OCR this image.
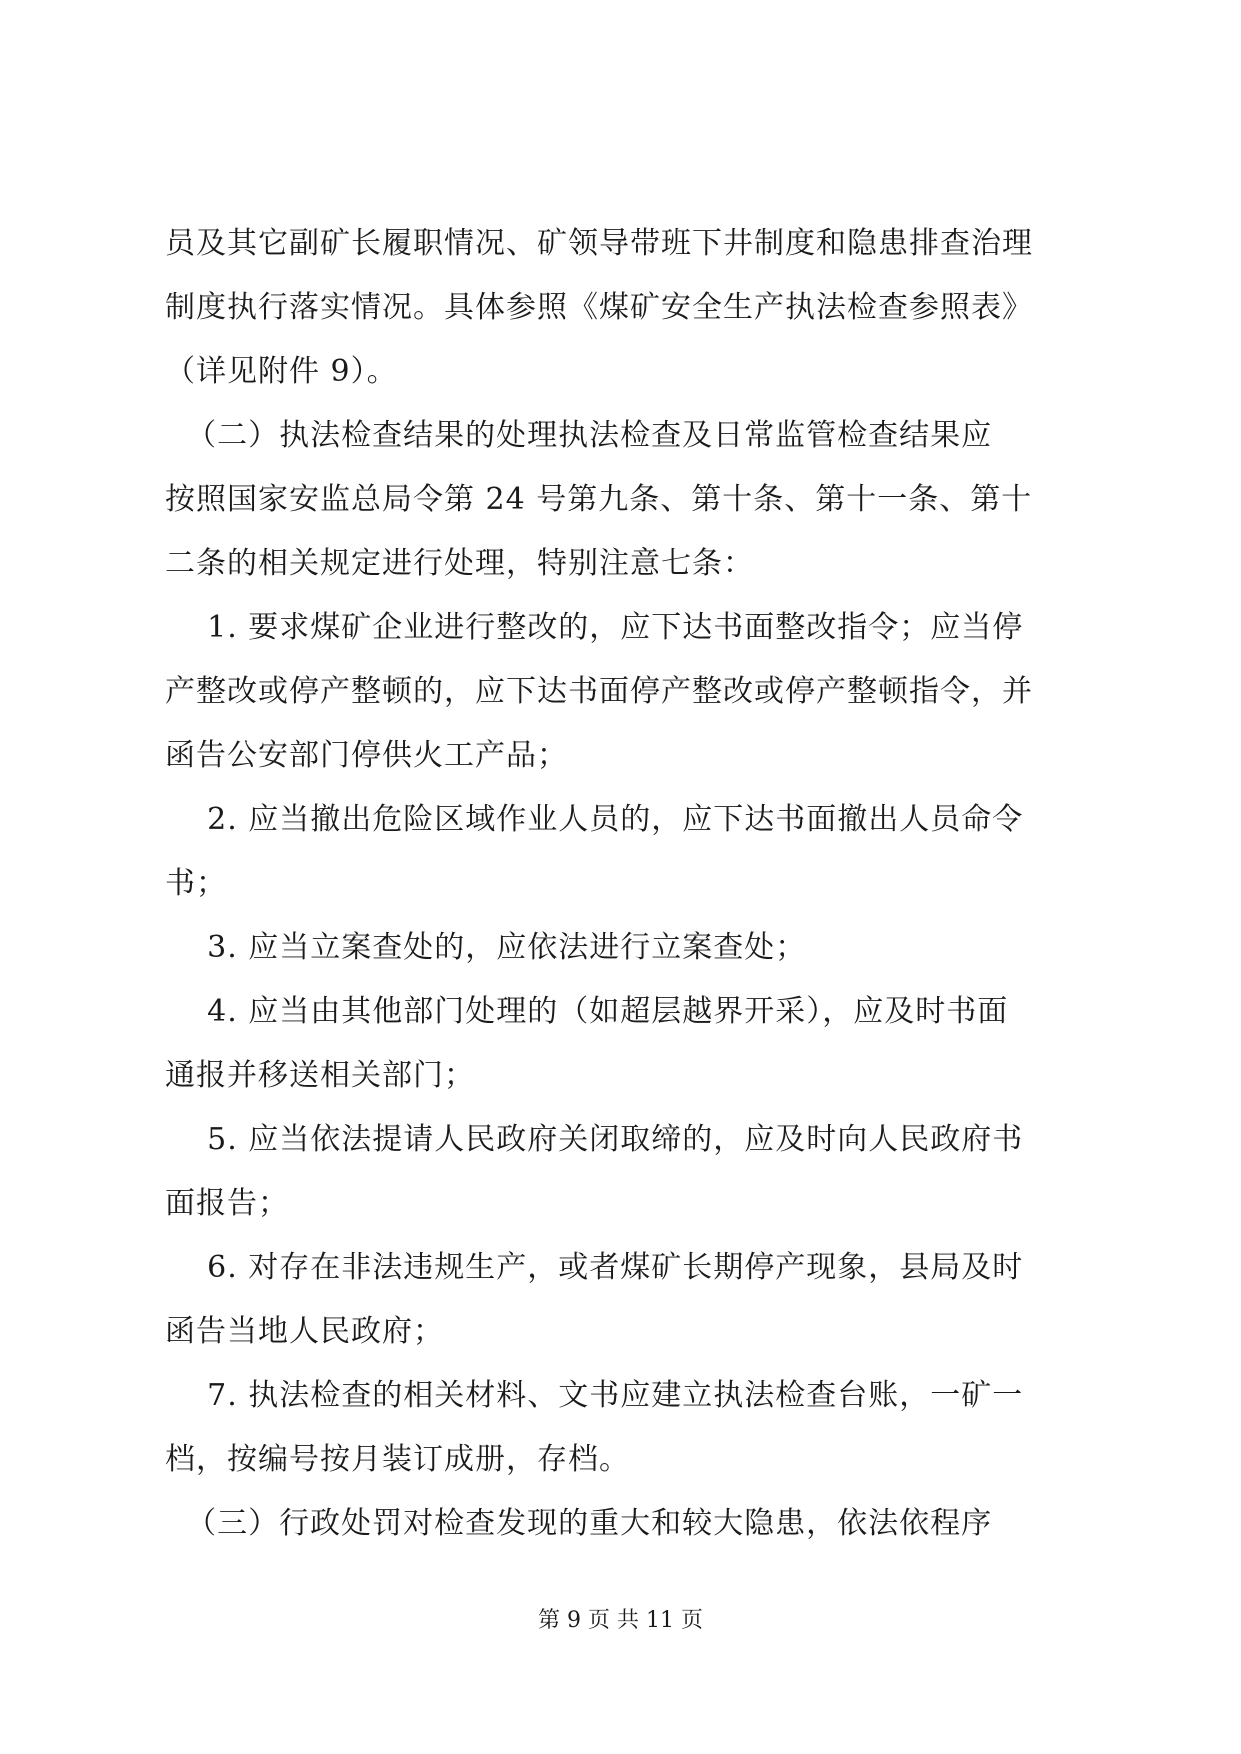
员及其它副矿长履职情况、矿领导带班下井制度和隐患排查治理
制度执行落实情况。具体参照《煤矿安全生产执法检查参照表》
（详见附件 9）。
（二）执法检查结果的处理执法检查及日常监管检查结果应
按照国家安监总局令第 24 号第九条、第十条、第十一条、第十
二条的相关规定进行处理，特别注意七条：
1. 要求煤矿企业进行整改的，应下达书面整改指令；应当停
产整改或停产整顿的，应下达书面停产整改或停产整顿指令，并
函告公安部门停供火工产品；
2. 应当撤出危险区域作业人员的，应下达书面撤出人员命令
书；
3. 应当立案查处的，应依法进行立案查处；
4. 应当由其他部门处理的（如超层越界开采），应及时书面
通报并移送相关部门；
5. 应当依法提请人民政府关闭取缔的，应及时向人民政府书
面报告；
6. 对存在非法违规生产，或者煤矿长期停产现象，县局及时
函告当地人民政府；
7. 执法检查的相关材料、文书应建立执法检查台账，一矿一
档，按编号按月装订成册，存档。
（三）行政处罚对检查发现的重大和较大隐患，依法依程序
第 9 页 共 11 页
